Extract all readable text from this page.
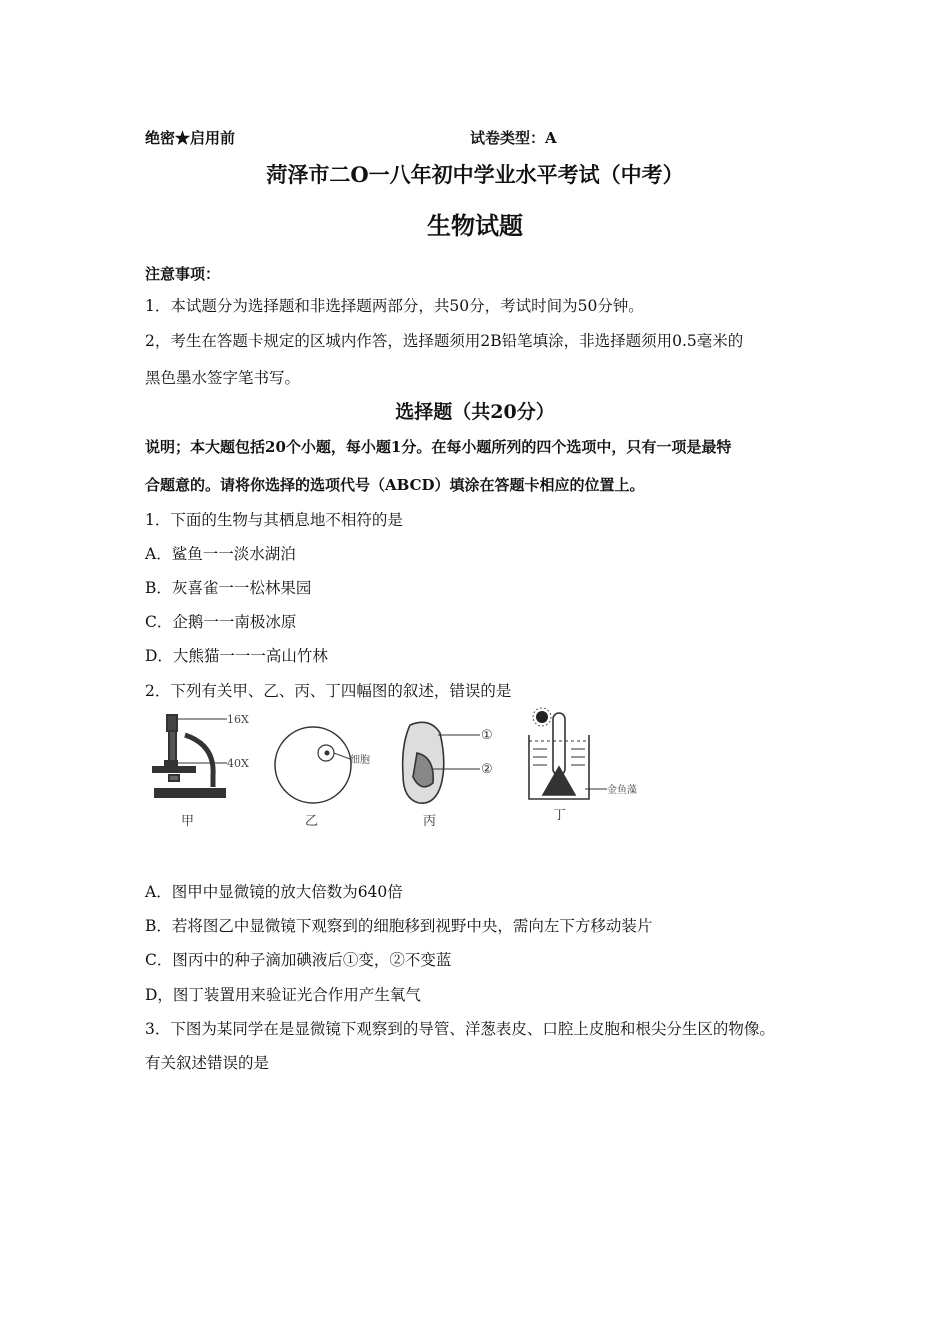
绝密★启用前	试卷类型：A
菏泽市二O一八年初中学业水平考试（中考）
生物试题
注意事项：
1．本试题分为选择题和非选择题两部分，共50分，考试时间为50分钟。
2，考生在答题卡规定的区城内作答，选择题须用2B铅笔填涂，非选择题须用0.5毫米的
黑色墨水签字笔书写。
选择题（共20分）
说明；本大题包括20个小题，每小题1分。在每小题所列的四个选项中，只有一项是最特
合题意的。请将你选择的选项代号（ABCD）填涂在答题卡相应的位置上。
1．下面的生物与其栖息地不相符的是
A．鲨鱼一一淡水湖泊
B．灰喜雀一一松林果园
C．企鹅一一南极冰原
D．大熊猫一一一高山竹林
2．下列有关甲、乙、丙、丁四幅图的叙述，错误的是
16X
40X
甲
细胞
乙
①
②
丙
金鱼藻
丁
A．图甲中显微镜的放大倍数为640倍
B．若将图乙中显微镜下观察到的细胞移到视野中央，需向左下方移动装片
C．图丙中的种子滴加碘液后①变，②不变蓝
D，图丁装置用来验证光合作用产生氧气
3．下图为某同学在是显微镜下观察到的导管、洋葱表皮、口腔上皮胞和根尖分生区的物像。
有关叙述错误的是
